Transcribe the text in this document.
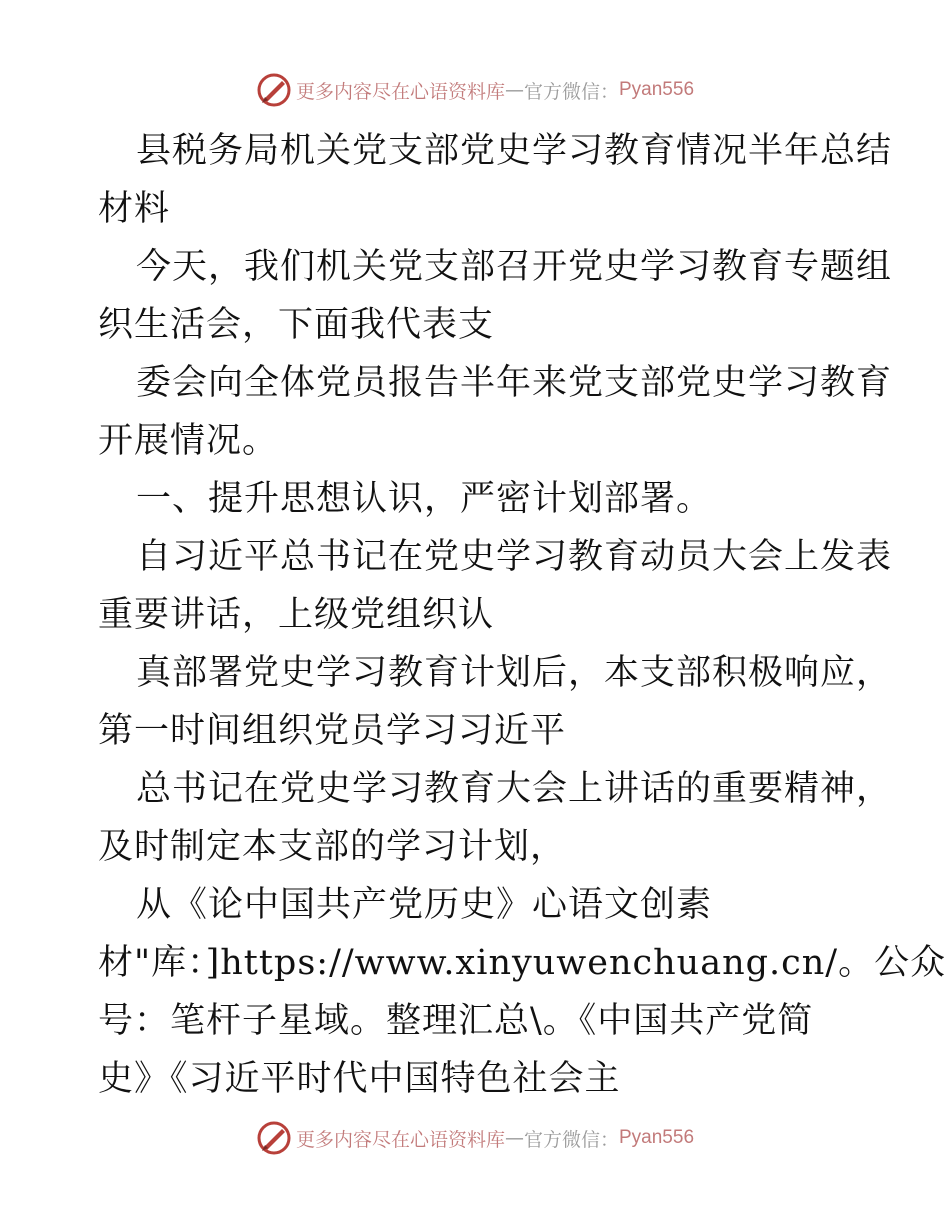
更多内容尽在心语资料库 — 官方微信： Pyan556

县税务局机关党支部党史学习教育情况半年总结

材料

今天，我们机关党支部召开党史学习教育专题组

织生活会，下面我代表支

委会向全体党员报告半年来党支部党史学习教育

开展情况。

一、提升思想认识，严密计划部署。

自习近平总书记在党史学习教育动员大会上发表

重要讲话，上级党组织认

真部署党史学习教育计划后，本支部积极响应，

第一时间组织党员学习习近平

总书记在党史学习教育大会上讲话的重要精神，

及时制定本支部的学习计划，

从《论中国共产党历史》心语文创素

材"库：]https://www.xinyuwenchuang.cn/。公众

号：笔杆子星域。整理汇总\。《中国共产党简

史》《习近平时代中国特色社会主

更多内容尽在心语资料库 — 官方微信： Pyan556
